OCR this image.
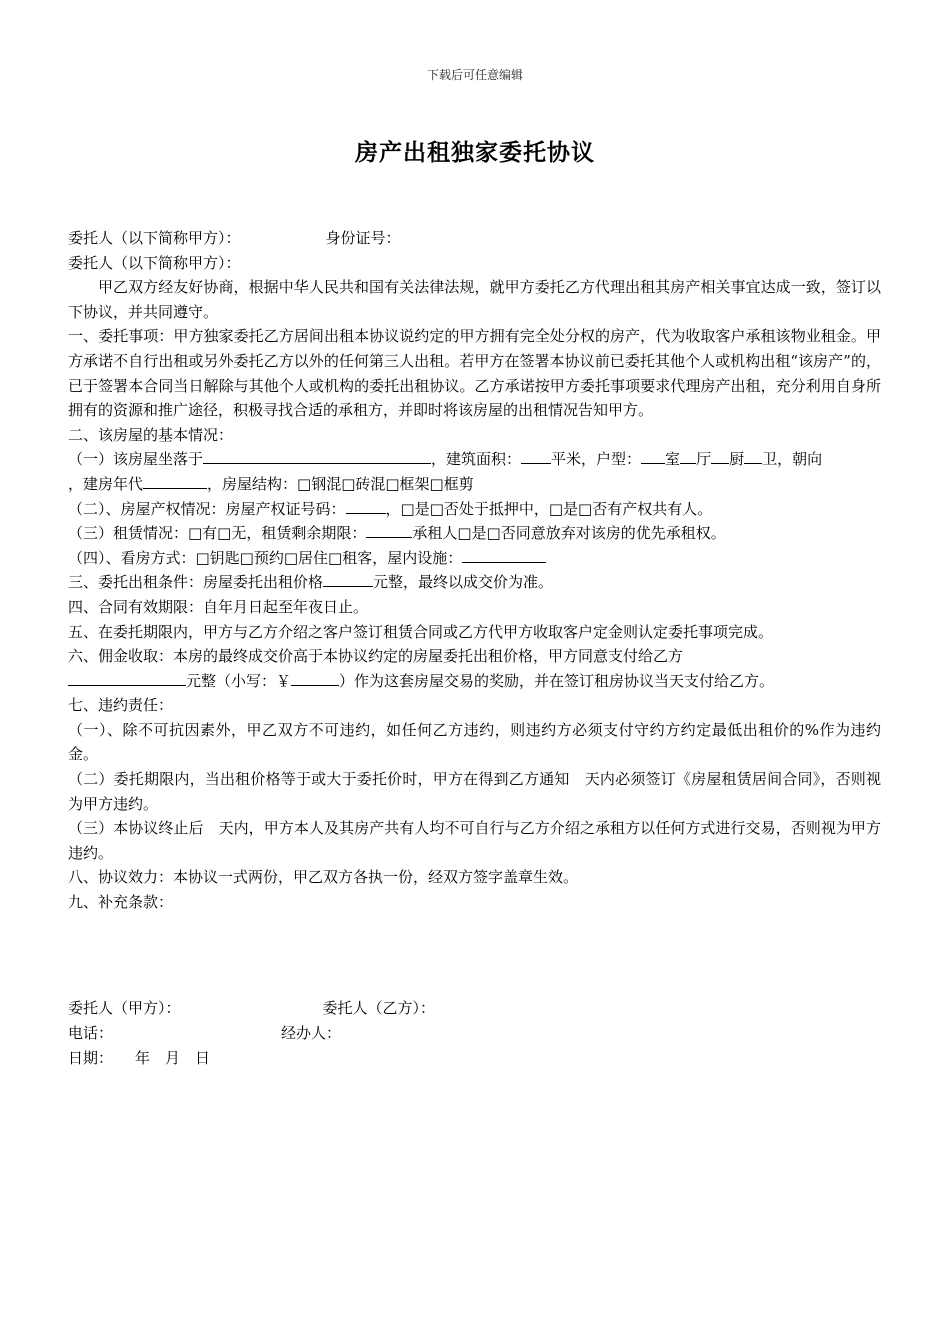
下载后可任意编辑
房产出租独家委托协议
委托人（以下简称甲方）：	身份证号：
委托人（以下简称甲方）：
甲乙双方经友好协商，根据中华人民共和国有关法律法规，就甲方委托乙方代理出租其房产相关事宜达成一致，签订以下协议，并共同遵守。
一、委托事项：甲方独家委托乙方居间出租本协议说约定的甲方拥有完全处分权的房产，代为收取客户承租该物业租金。甲方承诺不自行出租或另外委托乙方以外的任何第三人出租。若甲方在签署本协议前已委托其他个人或机构出租“该房产”的，已于签署本合同当日解除与其他个人或机构的委托出租协议。乙方承诺按甲方委托事项要求代理房产出租，充分利用自身所拥有的资源和推广途径，积极寻找合适的承租方，并即时将该房屋的出租情况告知甲方。
二、该房屋的基本情况：
（一）该房屋坐落于	，建筑面积： 平米，户型： 室 厅 厨 卫，朝向
，建房年代	，房屋结构：□钢混□砖混□框架□框剪
（二）、房屋产权情况：房屋产权证号码：	，□是□否处于抵押中，□是□否有产权共有人。
（三）租赁情况：□有□无，租赁剩余期限：	承租人□是□否同意放弃对该房的优先承租权。
（四）、看房方式：□钥匙□预约□居住□租客，屋内设施：
三、委托出租条件：房屋委托出租价格	元整，最终以成交价为准。
四、合同有效期限：自年月日起至年夜日止。
五、在委托期限内，甲方与乙方介绍之客户签订租赁合同或乙方代甲方收取客户定金则认定委托事项完成。
六、佣金收取：本房的最终成交价高于本协议约定的房屋委托出租价格，甲方同意支付给乙方
元整（小写：￥	）作为这套房屋交易的奖励，并在签订租房协议当天支付给乙方。
七、违约责任：
（一）、除不可抗因素外，甲乙双方不可违约，如任何乙方违约，则违约方必须支付守约方约定最低出租价的%作为违约金。
（二）委托期限内，当出租价格等于或大于委托价时，甲方在得到乙方通知　天内必须签订《房屋租赁居间合同》，否则视为甲方违约。
（三）本协议终止后　天内，甲方本人及其房产共有人均不可自行与乙方介绍之承租方以任何方式进行交易，否则视为甲方违约。
八、协议效力：本协议一式两份，甲乙双方各执一份，经双方签字盖章生效。
九、补充条款：
委托人（甲方）：	委托人（乙方）：
电话：	经办人：
日期： 年　月　日
